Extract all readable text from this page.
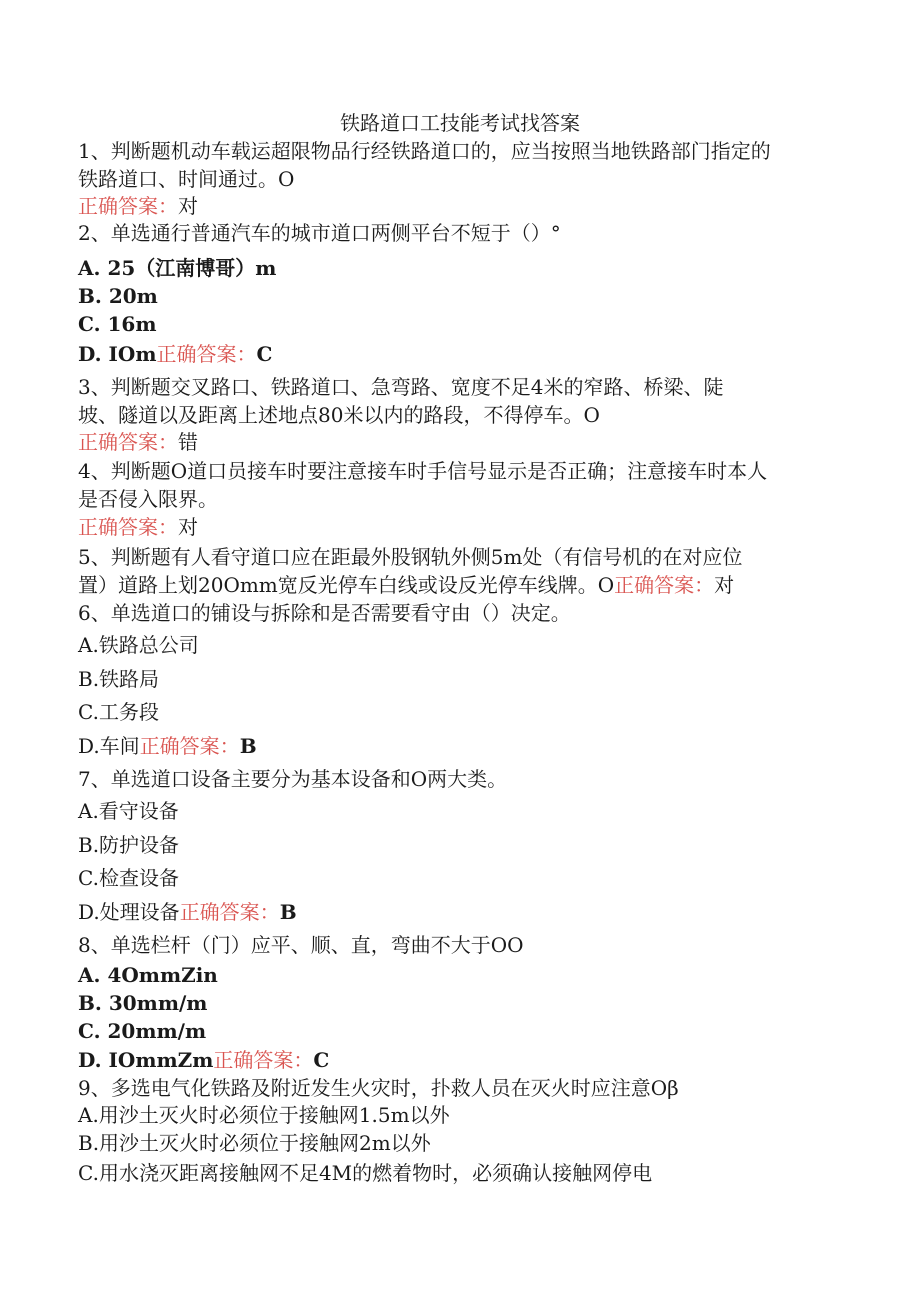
铁路道口工技能考试找答案
1、判断题机动车载运超限物品行经铁路道口的，应当按照当地铁路部门指定的
铁路道口、时间通过。O
正确答案：对
2、单选通行普通汽车的城市道口两侧平台不短于（）°
A. 25（江南博哥）m
B. 20m
C. 16m
D. IOm正确答案：C
3、判断题交叉路口、铁路道口、急弯路、宽度不足4米的窄路、桥梁、陡
坡、隧道以及距离上述地点80米以内的路段，不得停车。O
正确答案：错
4、判断题O道口员接车时要注意接车时手信号显示是否正确；注意接车时本人
是否侵入限界。
正确答案：对
5、判断题有人看守道口应在距最外股钢轨外侧5m处（有信号机的在对应位
置）道路上划20Omm宽反光停车白线或设反光停车线牌。O正确答案：对
6、单选道口的铺设与拆除和是否需要看守由（）决定。
A.铁路总公司
B.铁路局
C.工务段
D.车间正确答案：B
7、单选道口设备主要分为基本设备和O两大类。
A.看守设备
B.防护设备
C.检查设备
D.处理设备正确答案：B
8、单选栏杆（门）应平、顺、直，弯曲不大于OO
A. 4OmmZin
B. 30mm∕m
C. 20mm∕m
D. IOmmZm正确答案：C
9、多选电气化铁路及附近发生火灾时，扑救人员在灭火时应注意Oβ
A.用沙土灭火时必须位于接触网1.5m以外
B.用沙土灭火时必须位于接触网2m以外
C.用水浇灭距离接触网不足4M的燃着物时，必须确认接触网停电
